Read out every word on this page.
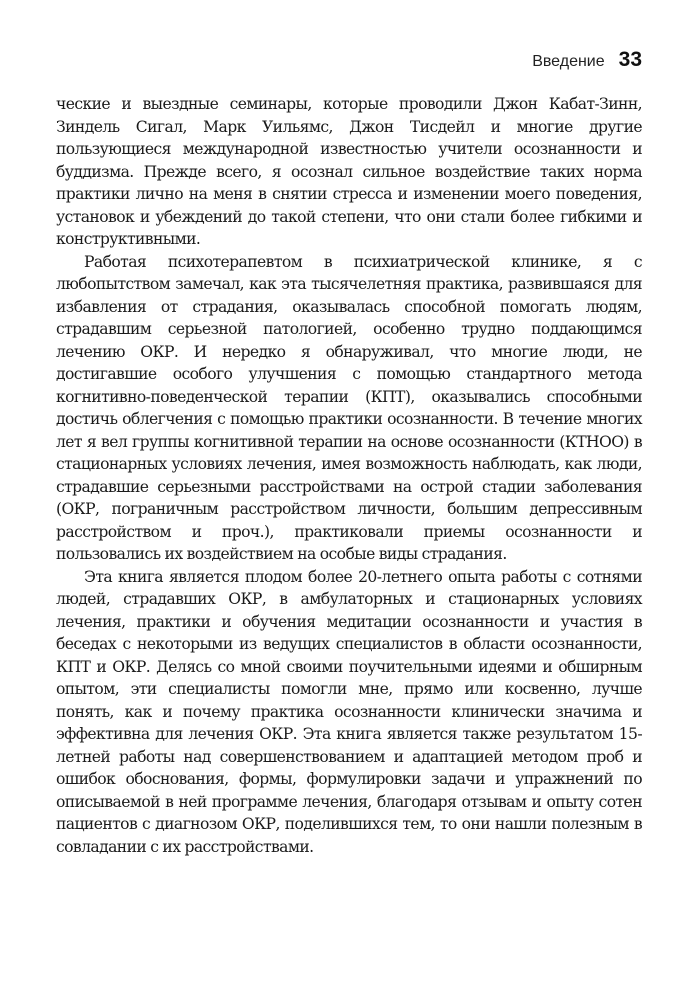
Введение 33

ческие и выездные семинары, которые проводили Джон Кабат-Зинн, Зиндель Сигал, Марк Уильямс, Джон Тисдейл и многие другие пользующиеся международной известностью учители осознанности и буддизма. Прежде всего, я осознал сильное воздействие таких норма практики лично на меня в снятии стресса и изменении моего поведения, установок и убеждений до такой степени, что они стали более гибкими и конструктивными.

Работая психотерапевтом в психиатрической клинике, я с любопытством замечал, как эта тысячелетняя практика, развившаяся для избавления от страдания, оказывалась способной помогать людям, страдавшим серьезной патологией, особенно трудно поддающимся лечению ОКР. И нередко я обнаруживал, что многие люди, не достигавшие особого улучшения с помощью стандартного метода когнитивно-поведенческой терапии (КПТ), оказывались способными достичь облегчения с помощью практики осознанности. В течение многих лет я вел группы когнитивной терапии на основе осознанности (КТНОО) в стационарных условиях лечения, имея возможность наблюдать, как люди, страдавшие серьезными расстройствами на острой стадии заболевания (ОКР, пограничным расстройством личности, большим депрессивным расстройством и проч.), практиковали приемы осознанности и пользовались их воздействием на особые виды страдания.

Эта книга является плодом более 20-летнего опыта работы с сотнями людей, страдавших ОКР, в амбулаторных и стационарных условиях лечения, практики и обучения медитации осознанности и участия в беседах с некоторыми из ведущих специалистов в области осознанности, КПТ и ОКР. Делясь со мной своими поучительными идеями и обширным опытом, эти специалисты помогли мне, прямо или косвенно, лучше понять, как и почему практика осознанности клинически значима и эффективна для лечения ОКР. Эта книга является также результатом 15-летней работы над совершенствованием и адаптацией методом проб и ошибок обоснования, формы, формулировки задачи и упражнений по описываемой в ней программе лечения, благодаря отзывам и опыту сотен пациентов с диагнозом ОКР, поделившихся тем, то они нашли полезным в совладании с их расстройствами.
